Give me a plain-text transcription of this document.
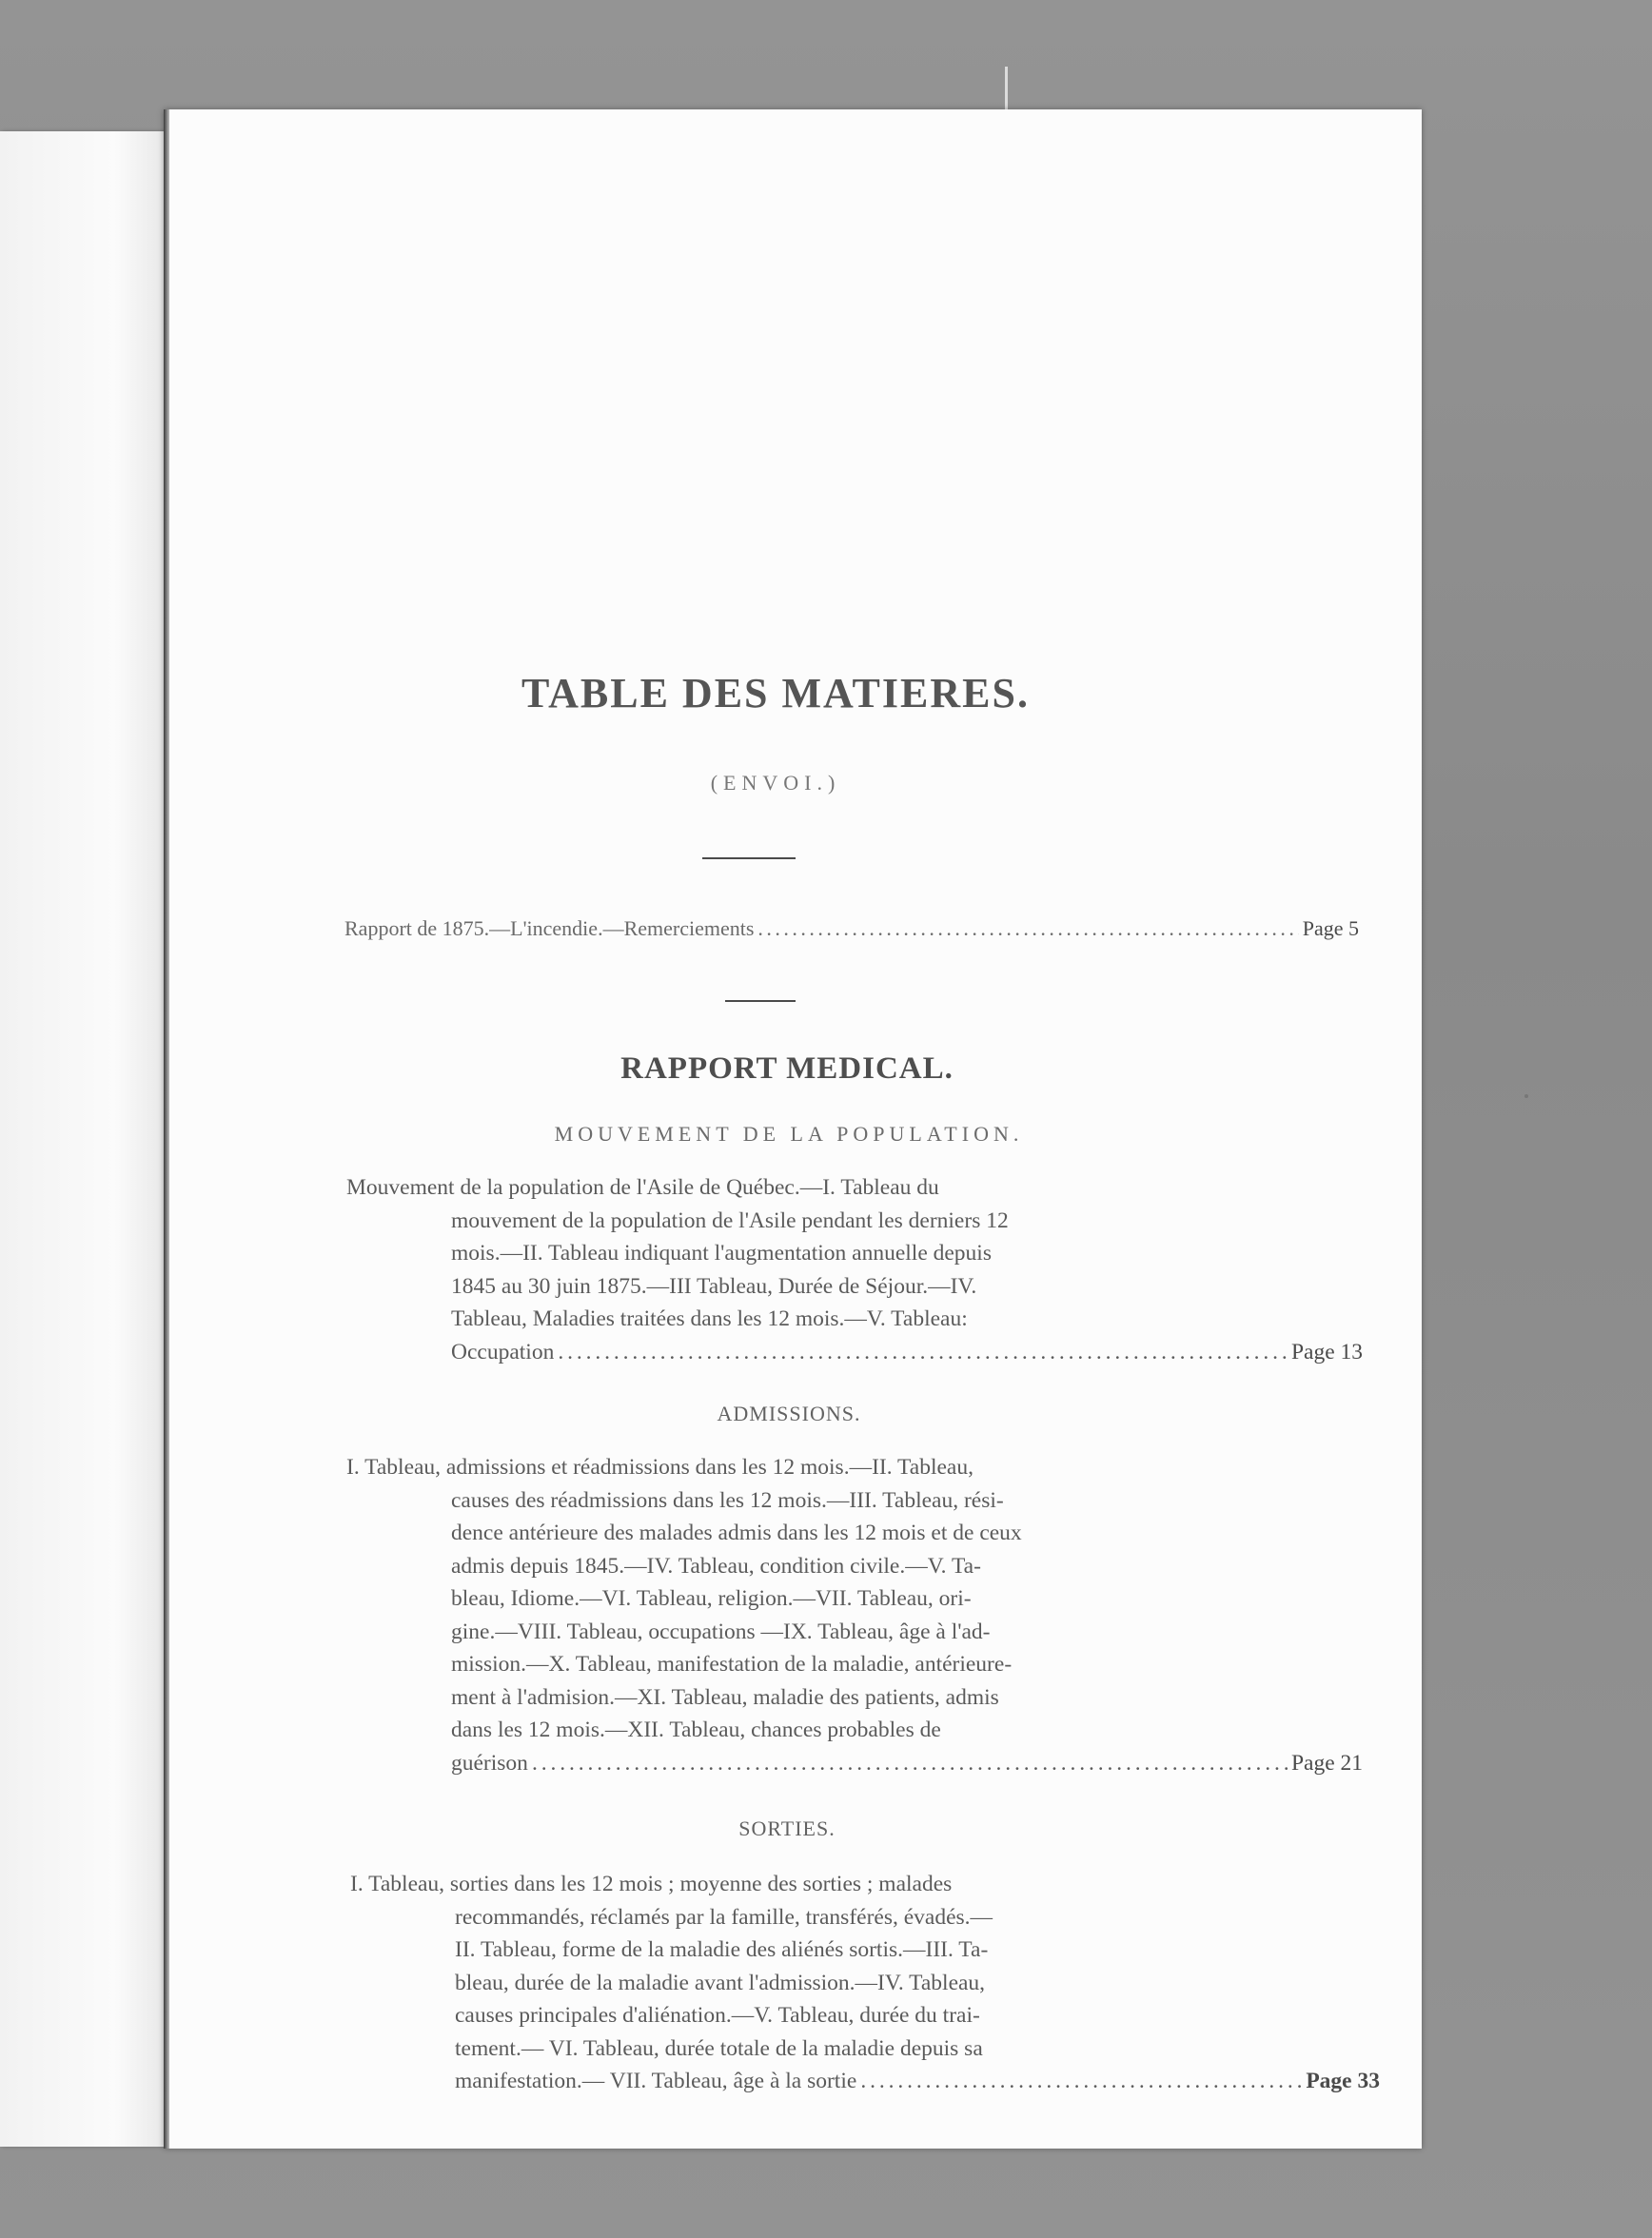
TABLE DES MATIERES.
(ENVOI.)
Rapport de 1875.—L'incendie.—Remerciements . . .	Page 5
RAPPORT MEDICAL.
MOUVEMENT DE LA POPULATION.

Mouvement de la population de l'Asile de Québec.—I. Tableau du

mouvement de la population de l'Asile pendant les derniers 12

mois.—II. Tableau indiquant l'augmentation annuelle depuis

1845 au 30 juin 1875.—III Tableau, Durée de Séjour.—IV.

Tableau, Maladies traitées dans les 12 mois.—V. Tableau:

Occupation . . .	Page 13
ADMISSIONS.

I. Tableau, admissions et réadmissions dans les 12 mois.—II. Tableau,

causes des réadmissions dans les 12 mois.—III. Tableau, rési-

dence antérieure des malades admis dans les 12 mois et de ceux

admis depuis 1845.—IV. Tableau, condition civile.—V. Ta-

bleau, Idiome.—VI. Tableau, religion.—VII. Tableau, ori-

gine.—VIII. Tableau, occupations —IX. Tableau, âge à l'ad-

mission.—X. Tableau, manifestation de la maladie, antérieure-

ment à l'admision.—XI. Tableau, maladie des patients, admis

dans les 12 mois.—XII. Tableau, chances probables de

guérison . . .	Page 21
SORTIES.

I. Tableau, sorties dans les 12 mois ; moyenne des sorties ; malades

recommandés, réclamés par la famille, transférés, évadés.—

II. Tableau, forme de la maladie des aliénés sortis.—III. Ta-

bleau, durée de la maladie avant l'admission.—IV. Tableau,

causes principales d'aliénation.—V. Tableau, durée du trai-

tement.— VI. Tableau, durée totale de la maladie depuis sa

manifestation.— VII. Tableau, âge à la sortie . . .	Page 33
